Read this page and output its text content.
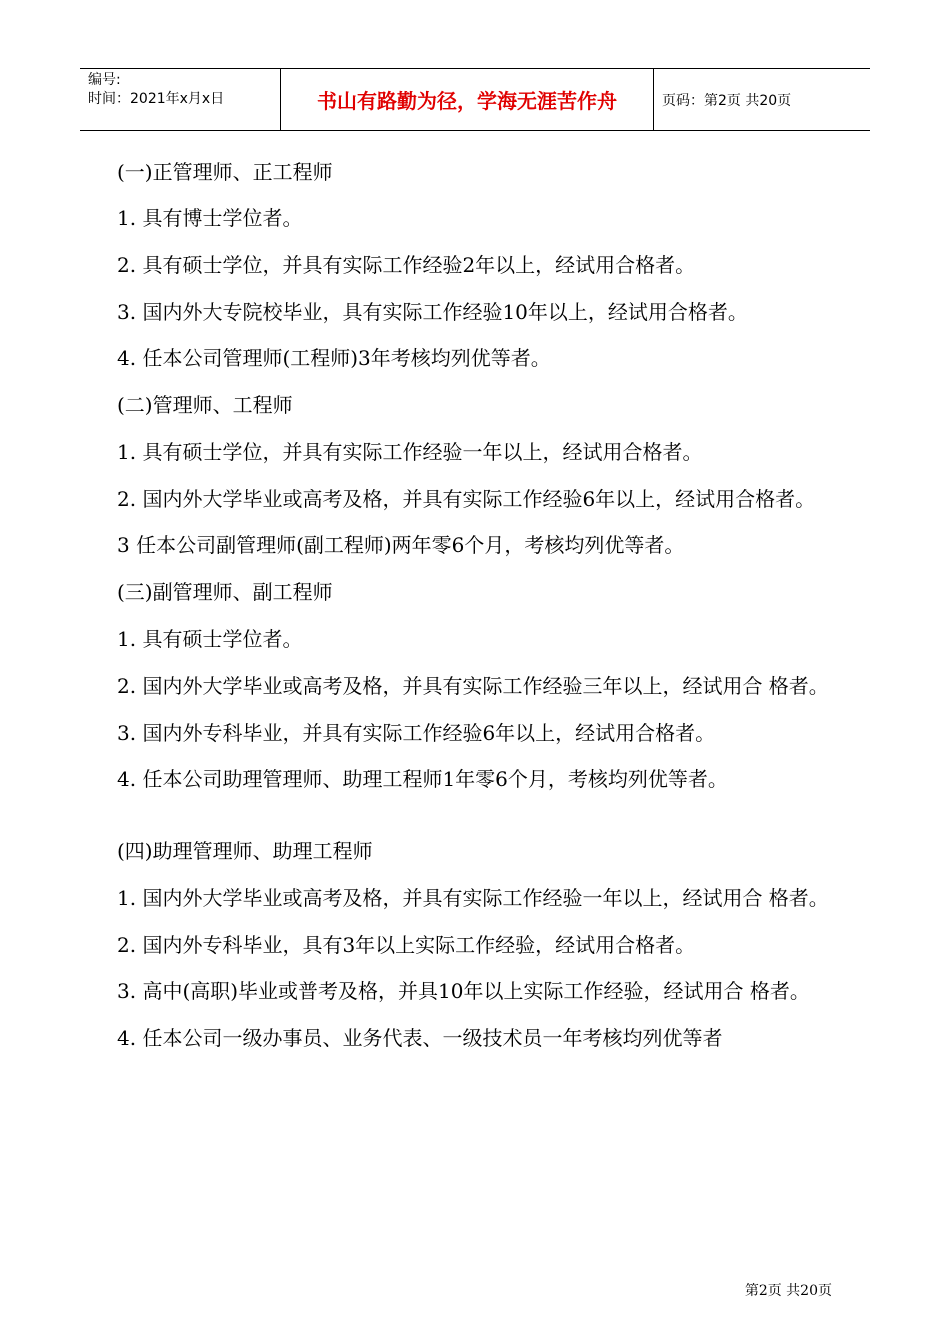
编号:
时间：2021年x月x日	书山有路勤为径，学海无涯苦作舟	页码：第2页 共20页

(一)正管理师、正工程师

1. 具有博士学位者。

2. 具有硕士学位，并具有实际工作经验2年以上，经试用合格者。

3. 国内外大专院校毕业，具有实际工作经验10年以上，经试用合格者。

4. 任本公司管理师(工程师)3年考核均列优等者。

(二)管理师、工程师

1. 具有硕士学位，并具有实际工作经验一年以上，经试用合格者。

2. 国内外大学毕业或高考及格，并具有实际工作经验6年以上，经试用合格者。

3 任本公司副管理师(副工程师)两年零6个月，考核均列优等者。

(三)副管理师、副工程师

1. 具有硕士学位者。

2. 国内外大学毕业或高考及格，并具有实际工作经验三年以上，经试用合 格者。

3. 国内外专科毕业，并具有实际工作经验6年以上，经试用合格者。

4. 任本公司助理管理师、助理工程师1年零6个月，考核均列优等者。

(四)助理管理师、助理工程师

1. 国内外大学毕业或高考及格，并具有实际工作经验一年以上，经试用合 格者。

2. 国内外专科毕业，具有3年以上实际工作经验，经试用合格者。

3. 高中(高职)毕业或普考及格，并具10年以上实际工作经验，经试用合 格者。

4. 任本公司一级办事员、业务代表、一级技术员一年考核均列优等者

第2页 共20页
